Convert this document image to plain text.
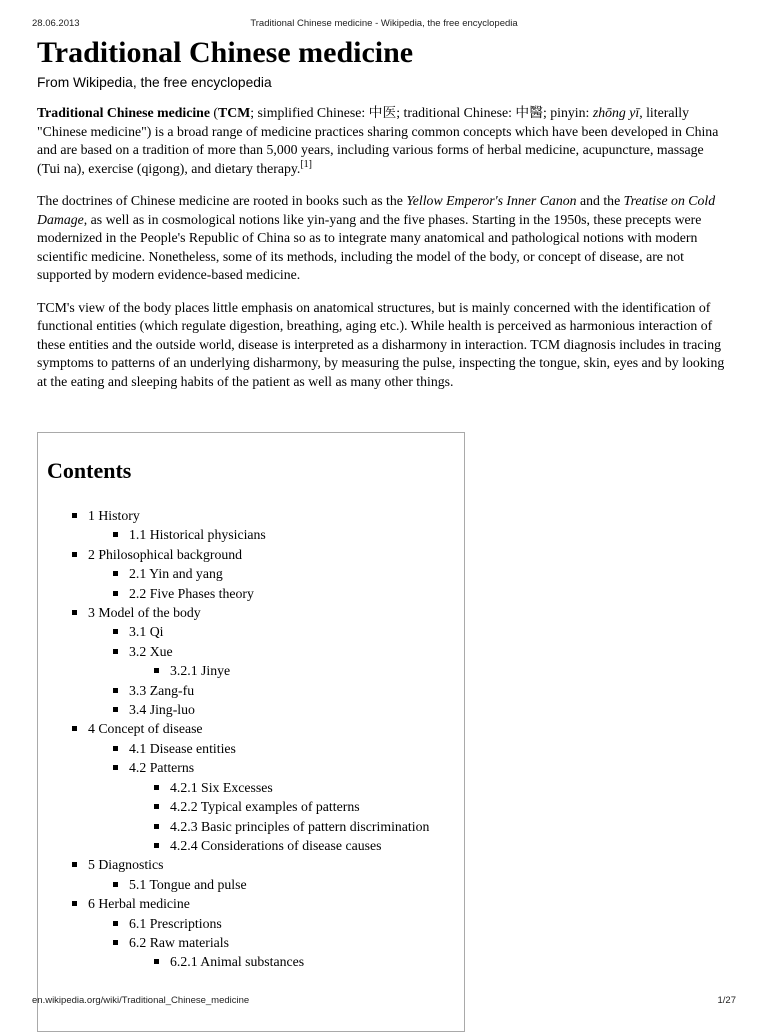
28.06.2013	Traditional Chinese medicine - Wikipedia, the free encyclopedia
Traditional Chinese medicine
From Wikipedia, the free encyclopedia

Traditional Chinese medicine (TCM; simplified Chinese: 中医; traditional Chinese: 中醫; pinyin: zhōng yī, literally "Chinese medicine") is a broad range of medicine practices sharing common concepts which have been developed in China and are based on a tradition of more than 5,000 years, including various forms of herbal medicine, acupuncture, massage (Tui na), exercise (qigong), and dietary therapy.[1]

The doctrines of Chinese medicine are rooted in books such as the Yellow Emperor's Inner Canon and the Treatise on Cold Damage, as well as in cosmological notions like yin-yang and the five phases. Starting in the 1950s, these precepts were modernized in the People's Republic of China so as to integrate many anatomical and pathological notions with modern scientific medicine. Nonetheless, some of its methods, including the model of the body, or concept of disease, are not supported by modern evidence-based medicine.

TCM's view of the body places little emphasis on anatomical structures, but is mainly concerned with the identification of functional entities (which regulate digestion, breathing, aging etc.). While health is perceived as harmonious interaction of these entities and the outside world, disease is interpreted as a disharmony in interaction. TCM diagnosis includes in tracing symptoms to patterns of an underlying disharmony, by measuring the pulse, inspecting the tongue, skin, eyes and by looking at the eating and sleeping habits of the patient as well as many other things.

Contents
1 History
1.1 Historical physicians
2 Philosophical background
2.1 Yin and yang
2.2 Five Phases theory
3 Model of the body
3.1 Qi
3.2 Xue
3.2.1 Jinye
3.3 Zang-fu
3.4 Jing-luo
4 Concept of disease
4.1 Disease entities
4.2 Patterns
4.2.1 Six Excesses
4.2.2 Typical examples of patterns
4.2.3 Basic principles of pattern discrimination
4.2.4 Considerations of disease causes
5 Diagnostics
5.1 Tongue and pulse
6 Herbal medicine
6.1 Prescriptions
6.2 Raw materials
6.2.1 Animal substances
en.wikipedia.org/wiki/Traditional_Chinese_medicine	1/27
